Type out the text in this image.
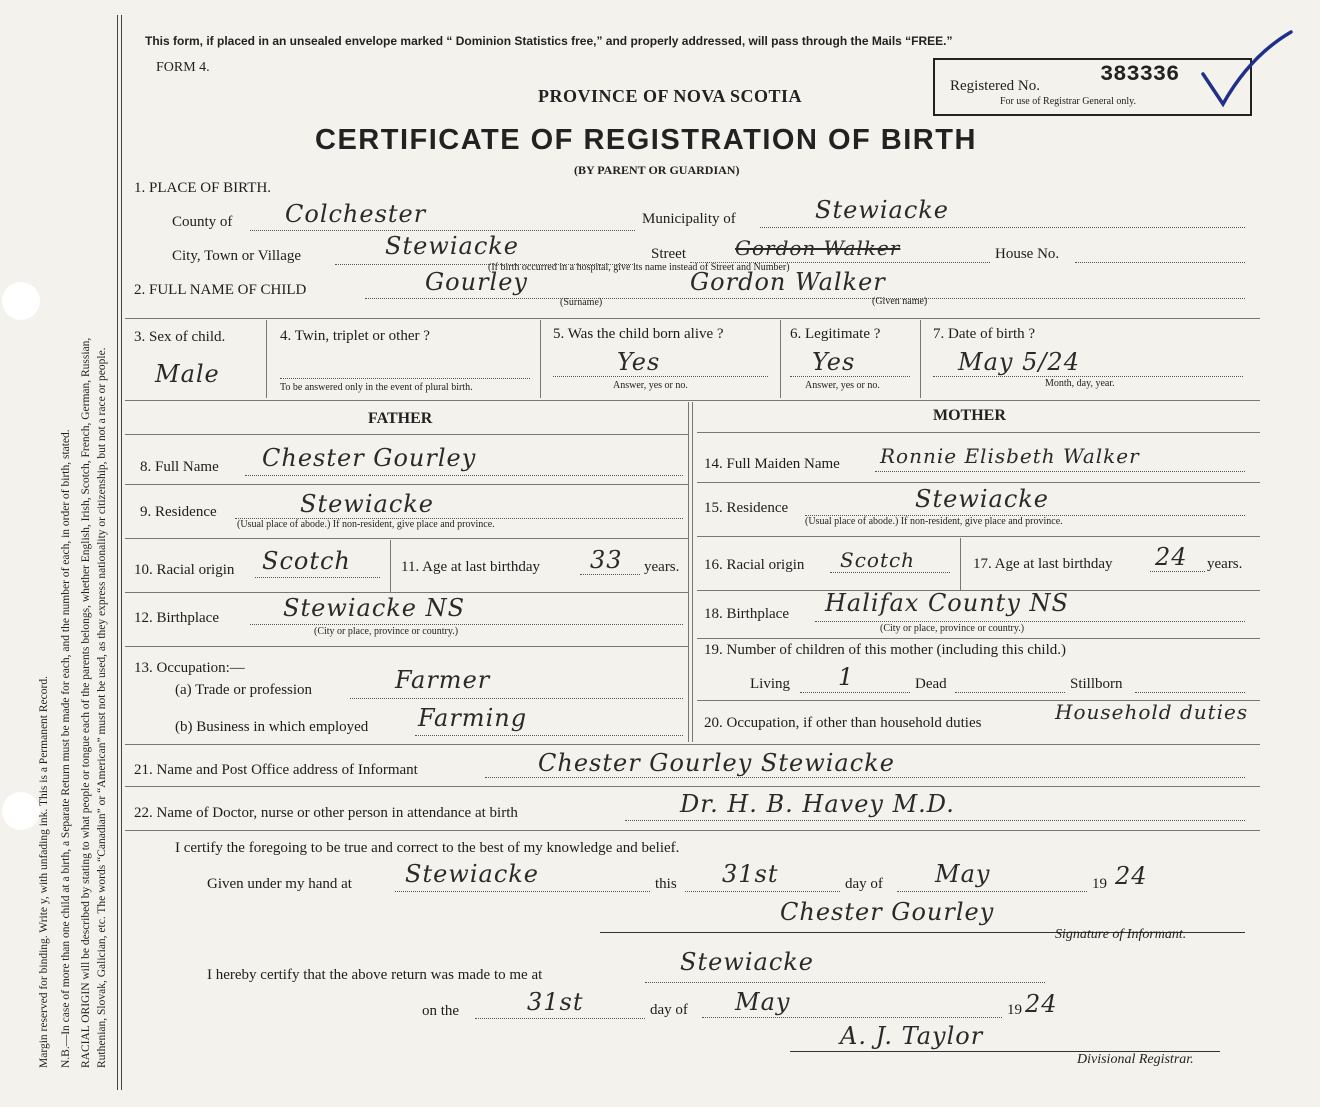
Margin reserved for binding. Write y, with unfading ink. This is a Permanent Record. N.B.—In case of more than one child at a birth, a Separate Return must be made for each, and the number of each, in order of birth, stated. RACIAL ORIGIN will be described by stating to what people or tongue each of the parents belongs, whether English, Irish, Scotch, French, German, Russian, Ruthenian, Slovak, Galician, etc. The words “Canadian” or “American” must not be used, as they express nationality or citizenship, but not a race or people.
This form, if placed in an unsealed envelope marked “ Dominion Statistics free,” and properly addressed, will pass through the Mails “FREE.”
FORM 4.
Registered No.	383336
For use of Registrar General only.
PROVINCE OF NOVA SCOTIA
CERTIFICATE OF REGISTRATION OF BIRTH
(BY PARENT OR GUARDIAN)
1. PLACE OF BIRTH.
County of Colchester	Municipality of	Stewiacke
City, Town or Village	Stewiacke	Street Gordon Walker	House No.
(If birth occurred in a hospital, give its name instead of Street and Number)
2. FULL NAME OF CHILD	Gourley	Gordon Walker
(Surname)	(Given name)
3. Sex of child.
Male
4. Twin, triplet or other ?
To be answered only in the event of plural birth.
5. Was the child born alive ?
Yes
Answer, yes or no.
6. Legitimate ?
Yes
Answer, yes or no.
7. Date of birth ?
May 5/24
Month, day, year.
FATHER
8. Full Name Chester Gourley
9. Residence	Stewiacke
(Usual place of abode.) If non-resident, give place and province.
10. Racial origin Scotch	11. Age at last birthday 33 years.
12. Birthplace	Stewiacke NS
(City or place, province or country.)
13. Occupation:—
(a) Trade or profession	Farmer
(b) Business in which employed Farming
MOTHER
14. Full Maiden Name Ronnie Elisbeth Walker
15. Residence	Stewiacke
(Usual place of abode.) If non-resident, give place and province.
16. Racial origin Scotch	17. Age at last birthday 24 years.
18. Birthplace Halifax County NS
(City or place, province or country.)
19. Number of children of this mother (including this child.)
Living 1	Dead	Stillborn
20. Occupation, if other than household duties	Household duties
21. Name and Post Office address of Informant	Chester Gourley Stewiacke
22. Name of Doctor, nurse or other person in attendance at birth	Dr. H. B. Havey M.D.
I certify the foregoing to be true and correct to the best of my knowledge and belief.
Given under my hand at Stewiacke	this 31st	day of May	19 24
Chester Gourley
Signature of Informant.
I hereby certify that the above return was made to me at	Stewiacke
on the	31st	day of May	19 24
A. J. Taylor
Divisional Registrar.
